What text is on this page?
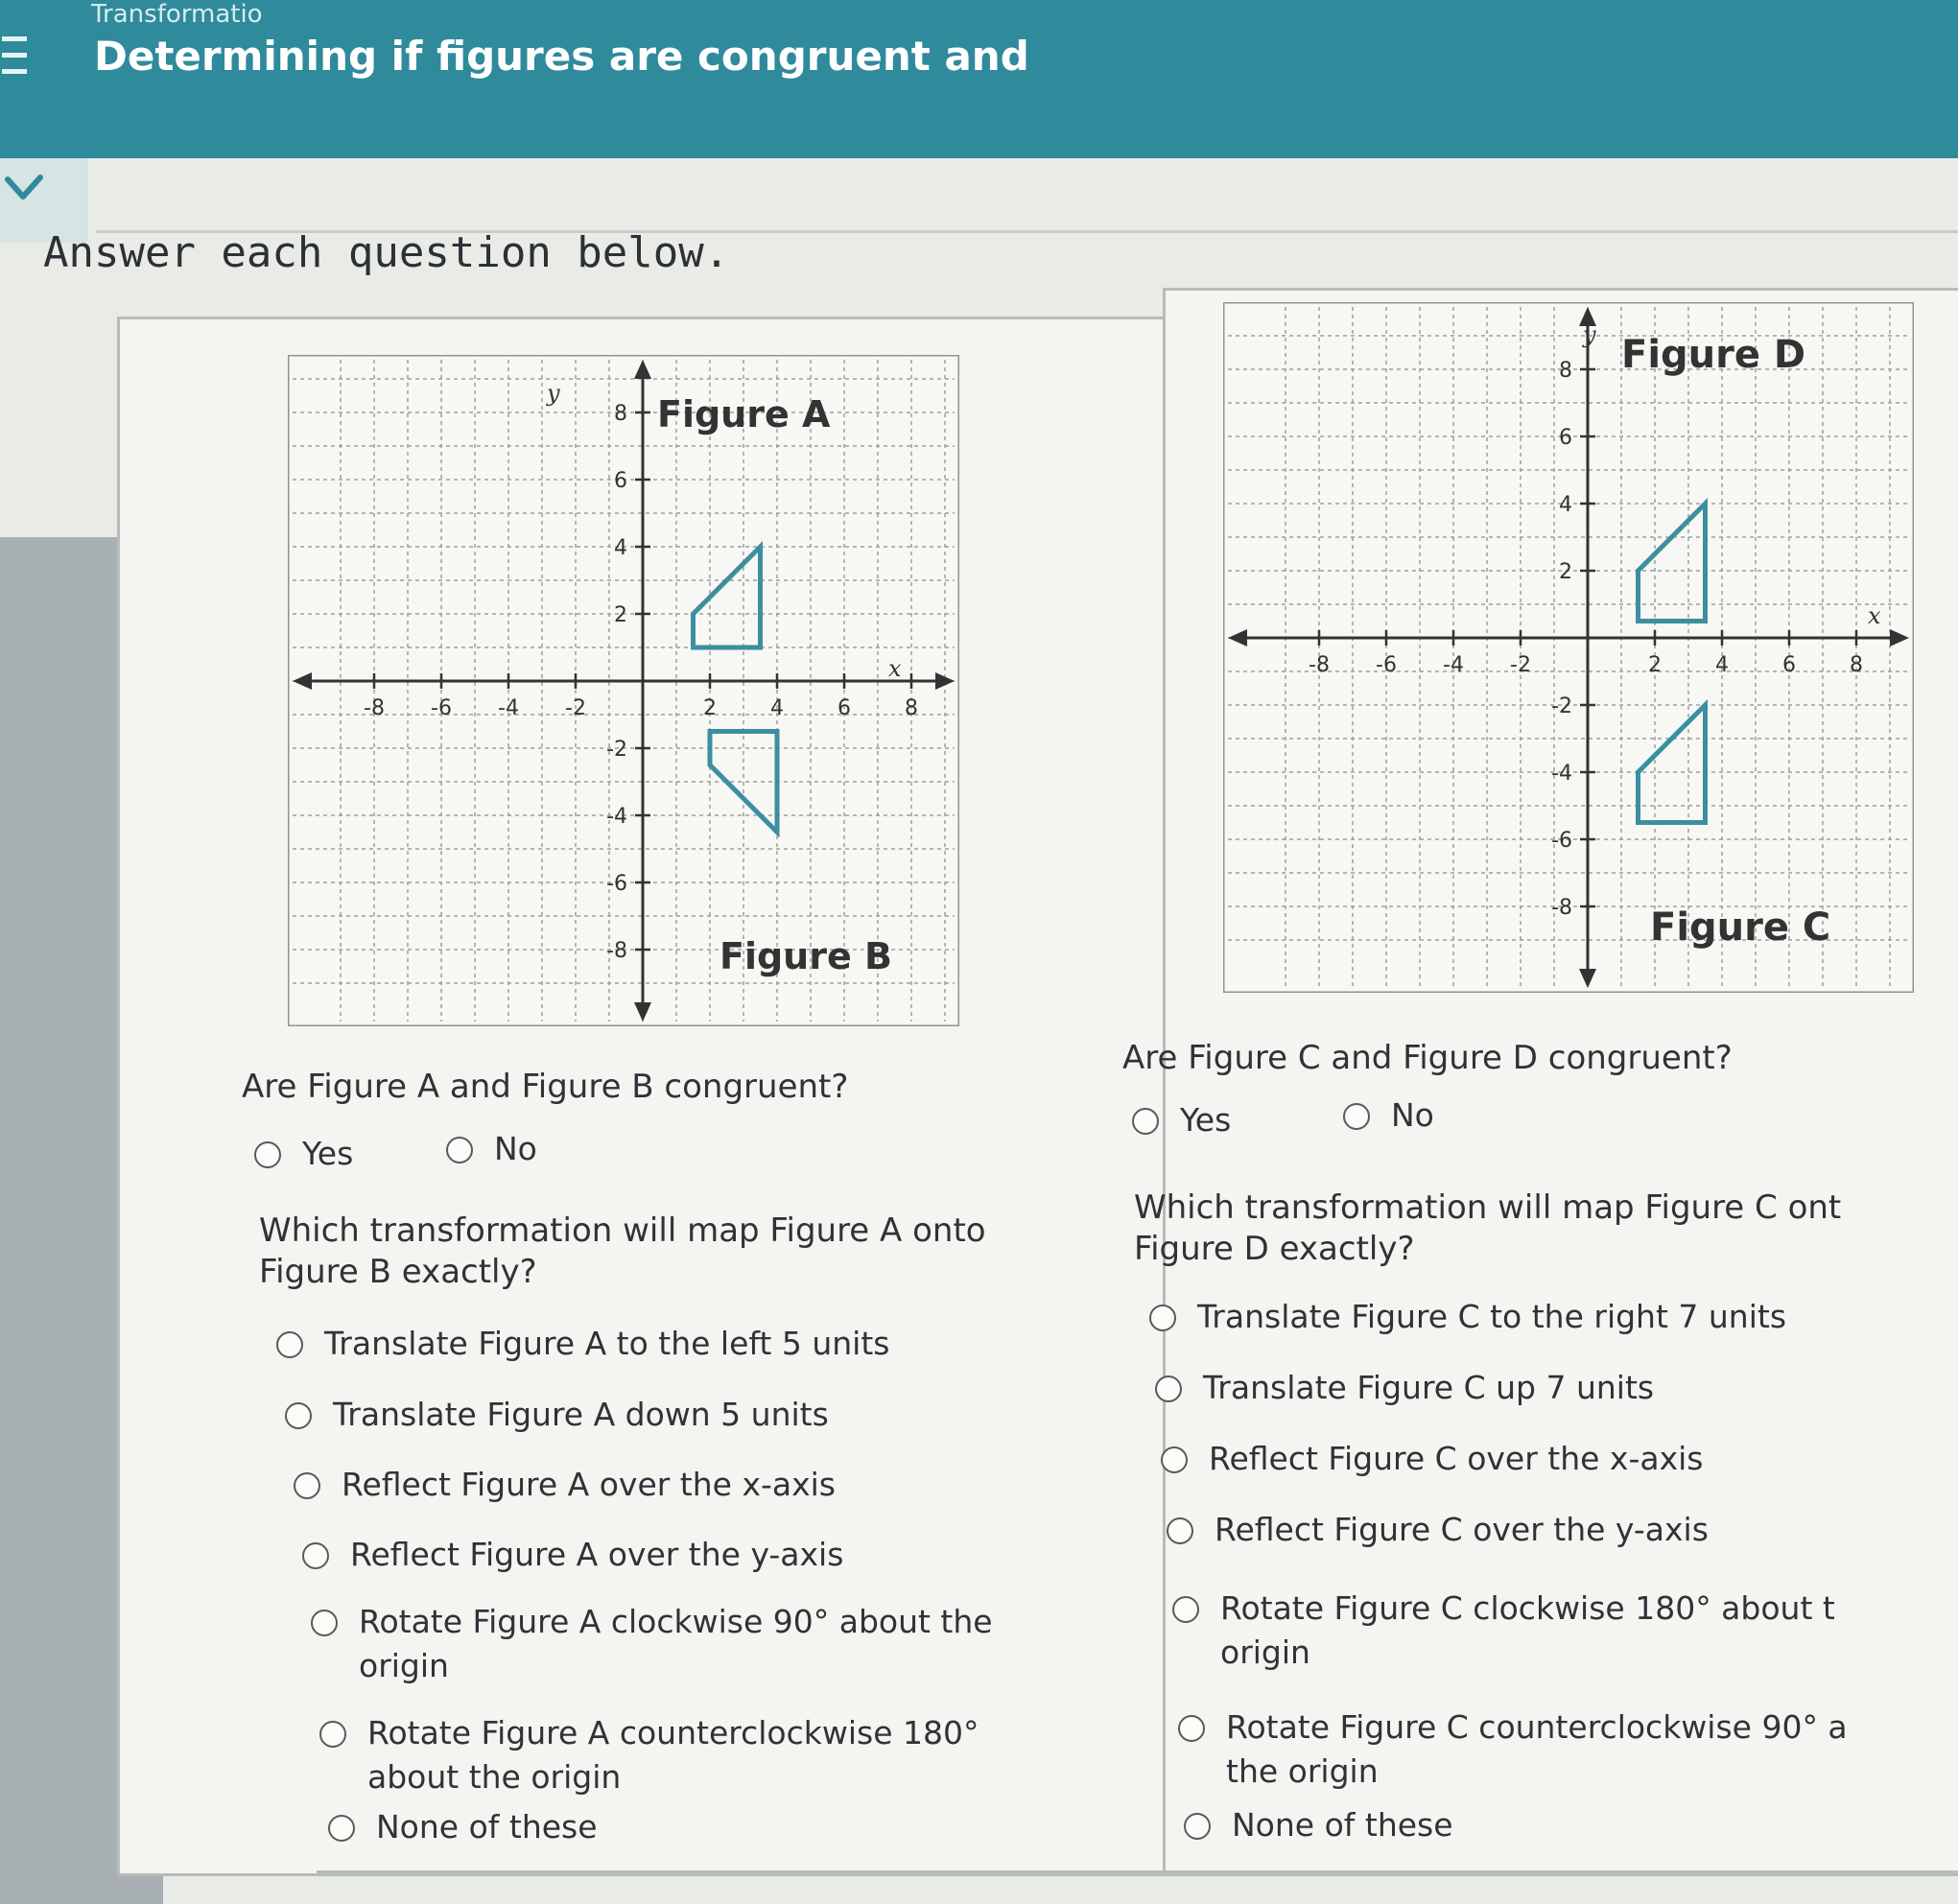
Transformatio
Determining if figures are congruent and
Answer each question below.
-8 -6 -4 -2	2	4	6	8
8
6
4
2
-2
-4
-6
-8
Figure A
Figure B
x
y
-8 -6 -4 -2	2	4	6	8
8
6
4
2
-2
-4
-6
-8
Figure D
Figure C
x
y
Are Figure A and Figure B congruent?
Yes	No
Which transformation will map Figure A onto
Figure B exactly?
Translate Figure A to the left 5 units
Translate Figure A down 5 units
Reflect Figure A over the x-axis
Reflect Figure A over the y-axis
Rotate Figure A clockwise 90° about the
origin
Rotate Figure A counterclockwise 180°
about the origin
None of these
Are Figure C and Figure D congruent?
Yes	No
Which transformation will map Figure C ont
Figure D exactly?
Translate Figure C to the right 7 units
Translate Figure C up 7 units
Reflect Figure C over the x-axis
Reflect Figure C over the y-axis
Rotate Figure C clockwise 180° about t
origin
Rotate Figure C counterclockwise 90° a
the origin
None of these
